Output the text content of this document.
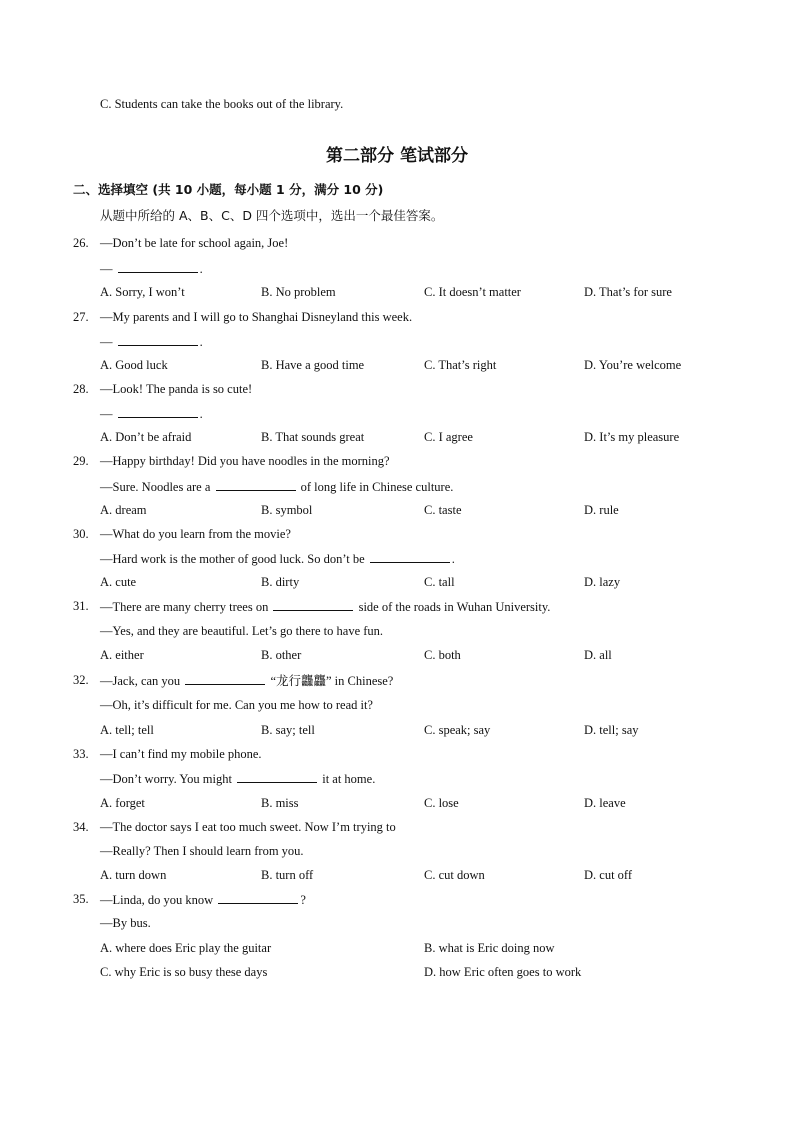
C. Students can take the books out of the library.
第二部分 笔试部分
二、选择填空 (共 10 小题，每小题 1 分，满分 10 分)
从题中所给的 A、B、C、D 四个选项中，选出一个最佳答案。
26. —Don’t be late for school again, Joe!
—	.
A. Sorry, I won’t	B. No problem	C. It doesn’t matter	D. That’s for sure
27. —My parents and I will go to Shanghai Disneyland this week.
—	.
A. Good luck	B. Have a good time	C. That’s right	D. You’re welcome
28. —Look! The panda is so cute!
—	.
A. Don’t be afraid	B. That sounds great	C. I agree	D. It’s my pleasure
29. —Happy birthday! Did you have noodles in the morning?
—Sure. Noodles are a	of long life in Chinese culture.
A. dream	B. symbol	C. taste	D. rule
30. —What do you learn from the movie?
—Hard work is the mother of good luck. So don’t be	.
A. cute	B. dirty	C. tall	D. lazy
31. —There are many cherry trees on	side of the roads in Wuhan University.
—Yes, and they are beautiful. Let’s go there to have fun.
A. either	B. other	C. both	D. all
32. —Jack, can you	“龙行龘龘” in Chinese?
—Oh, it’s difficult for me. Can you me how to read it?
A. tell; tell	B. say; tell	C. speak; say	D. tell; say
33. —I can’t find my mobile phone.
—Don’t worry. You might	it at home.
A. forget	B. miss	C. lose	D. leave
34. —The doctor says I eat too much sweet. Now I’m trying to
—Really? Then I should learn from you.
A. turn down	B. turn off	C. cut down	D. cut off
35. —Linda, do you know	?
—By bus.
A. where does Eric play the guitar	B. what is Eric doing now
C. why Eric is so busy these days	D. how Eric often goes to work
